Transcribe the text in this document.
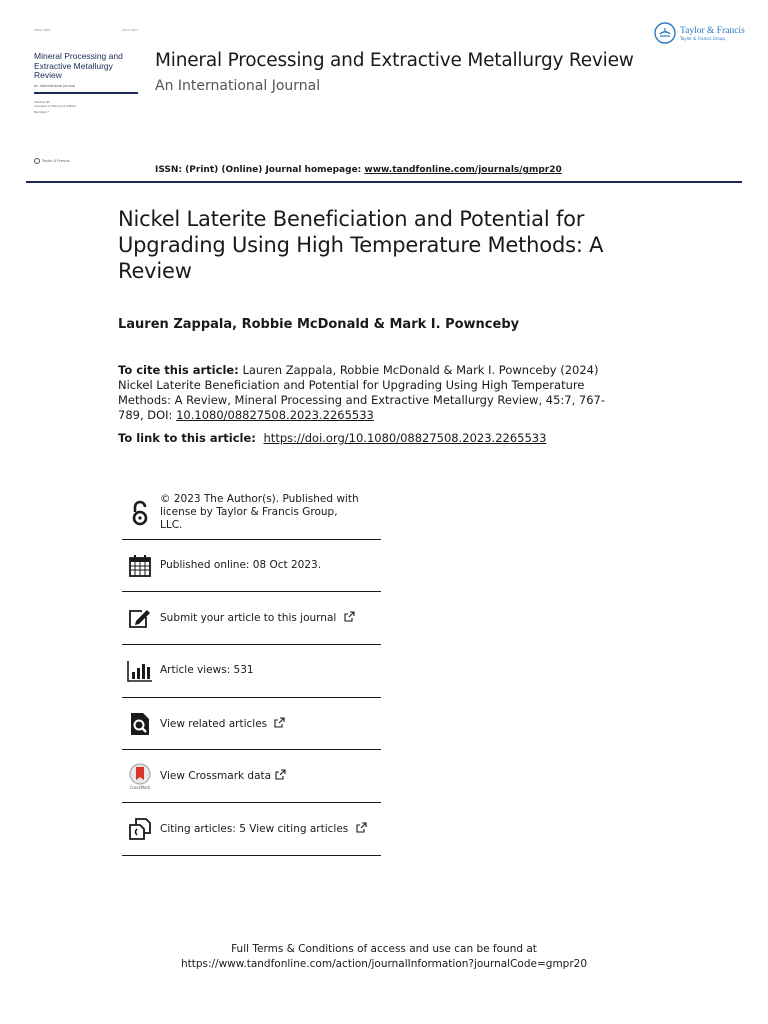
0882-7508	1547-7401
Mineral Processing and Extractive Metallurgy Review
An International Journal
Volume 45
Included in this print edition
Number 7
Taylor & Francis
Mineral Processing and Extractive Metallurgy Review
An International Journal
Taylor & Francis
Taylor & Francis Group
ISSN: (Print) (Online) Journal homepage: www.tandfonline.com/journals/gmpr20
Nickel Laterite Beneficiation and Potential for Upgrading Using High Temperature Methods: A Review
Lauren Zappala, Robbie McDonald & Mark I. Pownceby
To cite this article: Lauren Zappala, Robbie McDonald & Mark I. Pownceby (2024) Nickel Laterite Beneficiation and Potential for Upgrading Using High Temperature Methods: A Review, Mineral Processing and Extractive Metallurgy Review, 45:7, 767-789, DOI: 10.1080/08827508.2023.2265533
To link to this article: https://doi.org/10.1080/08827508.2023.2265533
© 2023 The Author(s). Published with license by Taylor & Francis Group, LLC.
Published online: 08 Oct 2023.
Submit your article to this journal
Article views: 531
View related articles
CrossMark
View Crossmark data
Citing articles: 5 View citing articles
Full Terms & Conditions of access and use can be found at
https://www.tandfonline.com/action/journalInformation?journalCode=gmpr20
